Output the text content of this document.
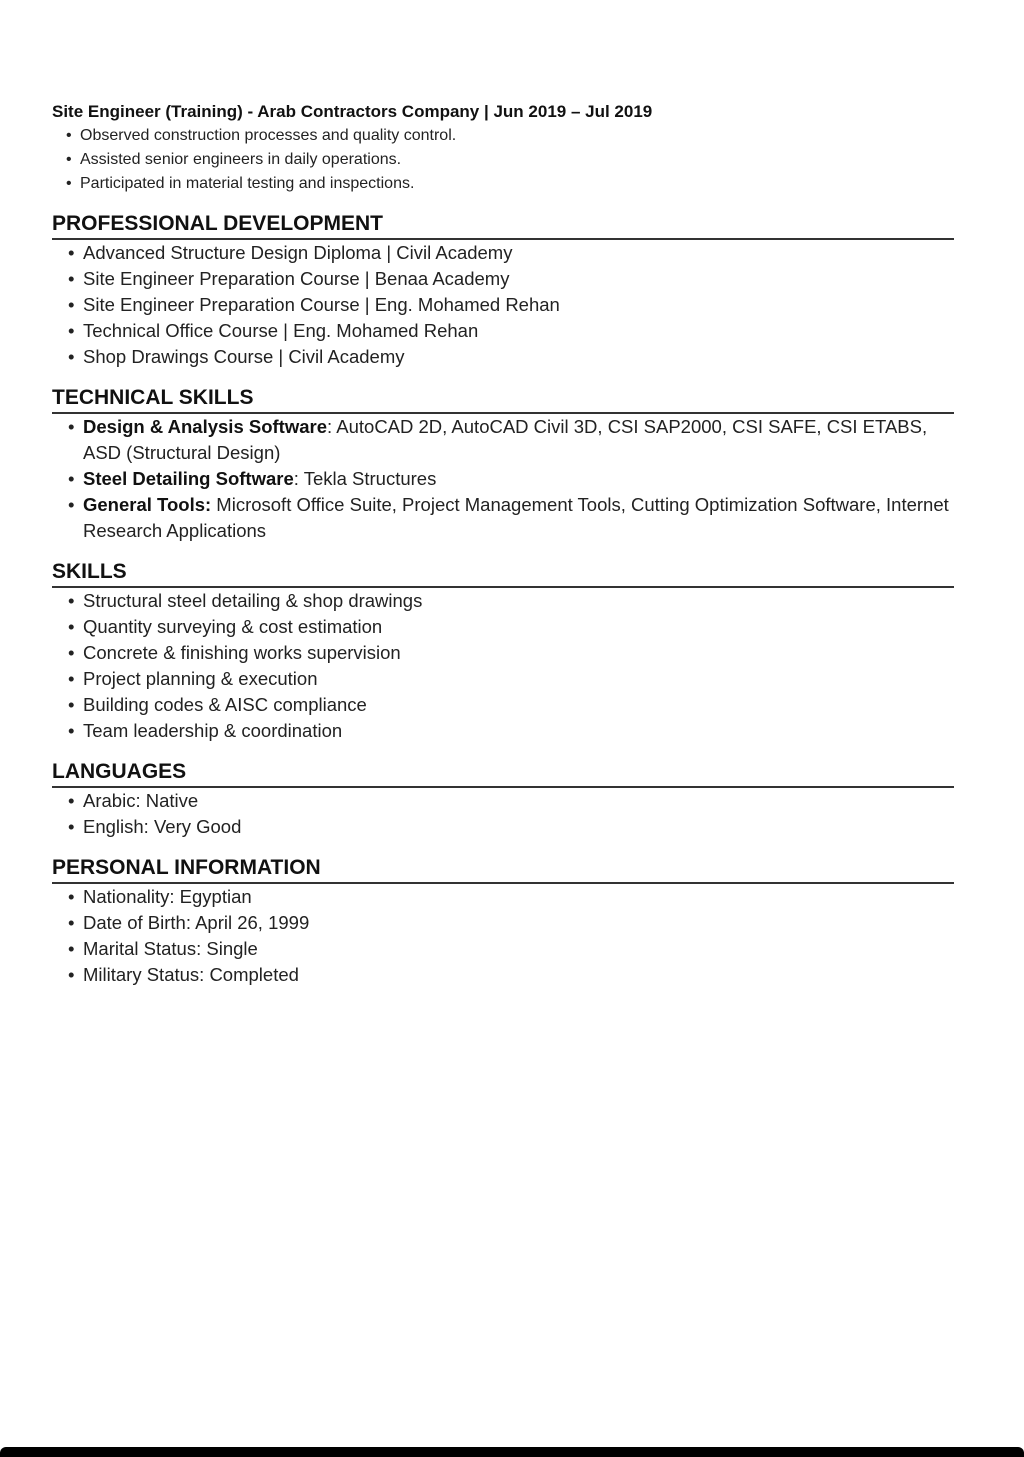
Site Engineer (Training) - Arab Contractors Company | Jun 2019 – Jul 2019

• Observed construction processes and quality control.
• Assisted senior engineers in daily operations.
• Participated in material testing and inspections.
PROFESSIONAL DEVELOPMENT
• Advanced Structure Design Diploma | Civil Academy
• Site Engineer Preparation Course | Benaa Academy
• Site Engineer Preparation Course | Eng. Mohamed Rehan
• Technical Office Course | Eng. Mohamed Rehan
• Shop Drawings Course | Civil Academy
TECHNICAL SKILLS
• Design & Analysis Software: AutoCAD 2D, AutoCAD Civil 3D, CSI SAP2000, CSI SAFE, CSI ETABS, ASD (Structural Design)
• Steel Detailing Software: Tekla Structures
• General Tools: Microsoft Office Suite, Project Management Tools, Cutting Optimization Software, Internet Research Applications
SKILLS
• Structural steel detailing & shop drawings
• Quantity surveying & cost estimation
• Concrete & finishing works supervision
• Project planning & execution
• Building codes & AISC compliance
• Team leadership & coordination
LANGUAGES
• Arabic: Native
• English: Very Good
PERSONAL INFORMATION
• Nationality: Egyptian
• Date of Birth: April 26, 1999
• Marital Status: Single
• Military Status: Completed
